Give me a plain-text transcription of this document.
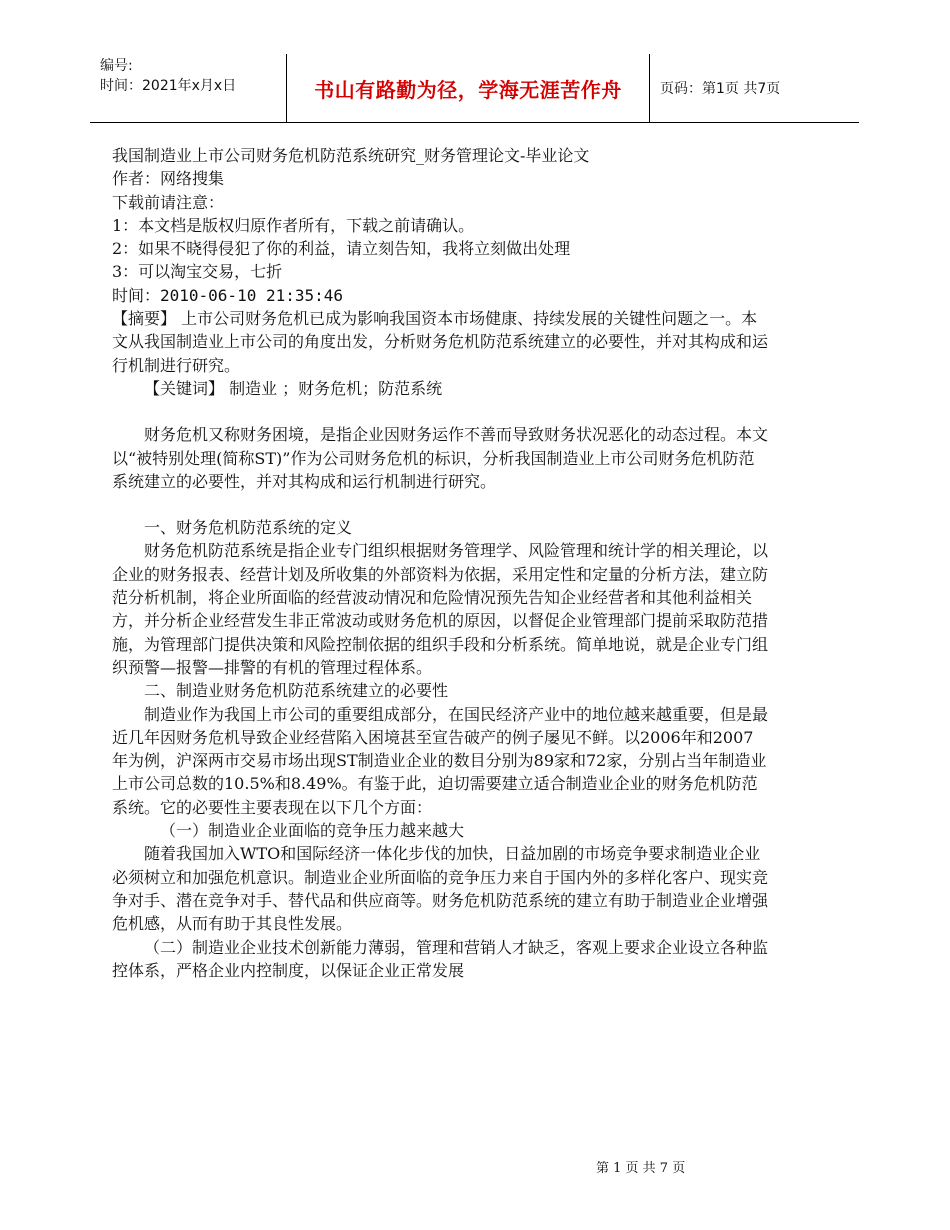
编号:
时间：2021年x月x日	书山有路勤为径，学海无涯苦作舟	页码：第1页 共7页

我国制造业上市公司财务危机防范系统研究_财务管理论文-毕业论文

作者：网络搜集

下载前请注意：

1：本文档是版权归原作者所有，下载之前请确认。

2：如果不晓得侵犯了你的利益，请立刻告知，我将立刻做出处理

3：可以淘宝交易，七折

时间：2010-06-10 21:35:46

【摘要】 上市公司财务危机已成为影响我国资本市场健康、持续发展的关键性问题之一。本文从我国制造业上市公司的角度出发，分析财务危机防范系统建立的必要性，并对其构成和运行机制进行研究。

【关键词】 制造业 ；财务危机；防范系统

财务危机又称财务困境，是指企业因财务运作不善而导致财务状况恶化的动态过程。本文以“被特别处理(简称ST)”作为公司财务危机的标识，分析我国制造业上市公司财务危机防范系统建立的必要性，并对其构成和运行机制进行研究。

一、财务危机防范系统的定义

财务危机防范系统是指企业专门组织根据财务管理学、风险管理和统计学的相关理论，以企业的财务报表、经营计划及所收集的外部资料为依据，采用定性和定量的分析方法，建立防范分析机制，将企业所面临的经营波动情况和危险情况预先告知企业经营者和其他利益相关方，并分析企业经营发生非正常波动或财务危机的原因，以督促企业管理部门提前采取防范措施，为管理部门提供决策和风险控制依据的组织手段和分析系统。简单地说，就是企业专门组织预警—报警—排警的有机的管理过程体系。

二、制造业财务危机防范系统建立的必要性

制造业作为我国上市公司的重要组成部分，在国民经济产业中的地位越来越重要，但是最近几年因财务危机导致企业经营陷入困境甚至宣告破产的例子屡见不鲜。以2006年和2007年为例，沪深两市交易市场出现ST制造业企业的数目分别为89家和72家，分别占当年制造业上市公司总数的10.5%和8.49%。有鉴于此，迫切需要建立适合制造业企业的财务危机防范系统。它的必要性主要表现在以下几个方面：

（一）制造业企业面临的竞争压力越来越大

随着我国加入WTO和国际经济一体化步伐的加快，日益加剧的市场竞争要求制造业企业必须树立和加强危机意识。制造业企业所面临的竞争压力来自于国内外的多样化客户、现实竞争对手、潜在竞争对手、替代品和供应商等。财务危机防范系统的建立有助于制造业企业增强危机感，从而有助于其良性发展。

（二）制造业企业技术创新能力薄弱，管理和营销人才缺乏，客观上要求企业设立各种监控体系，严格企业内控制度，以保证企业正常发展

第 1 页 共 7 页
